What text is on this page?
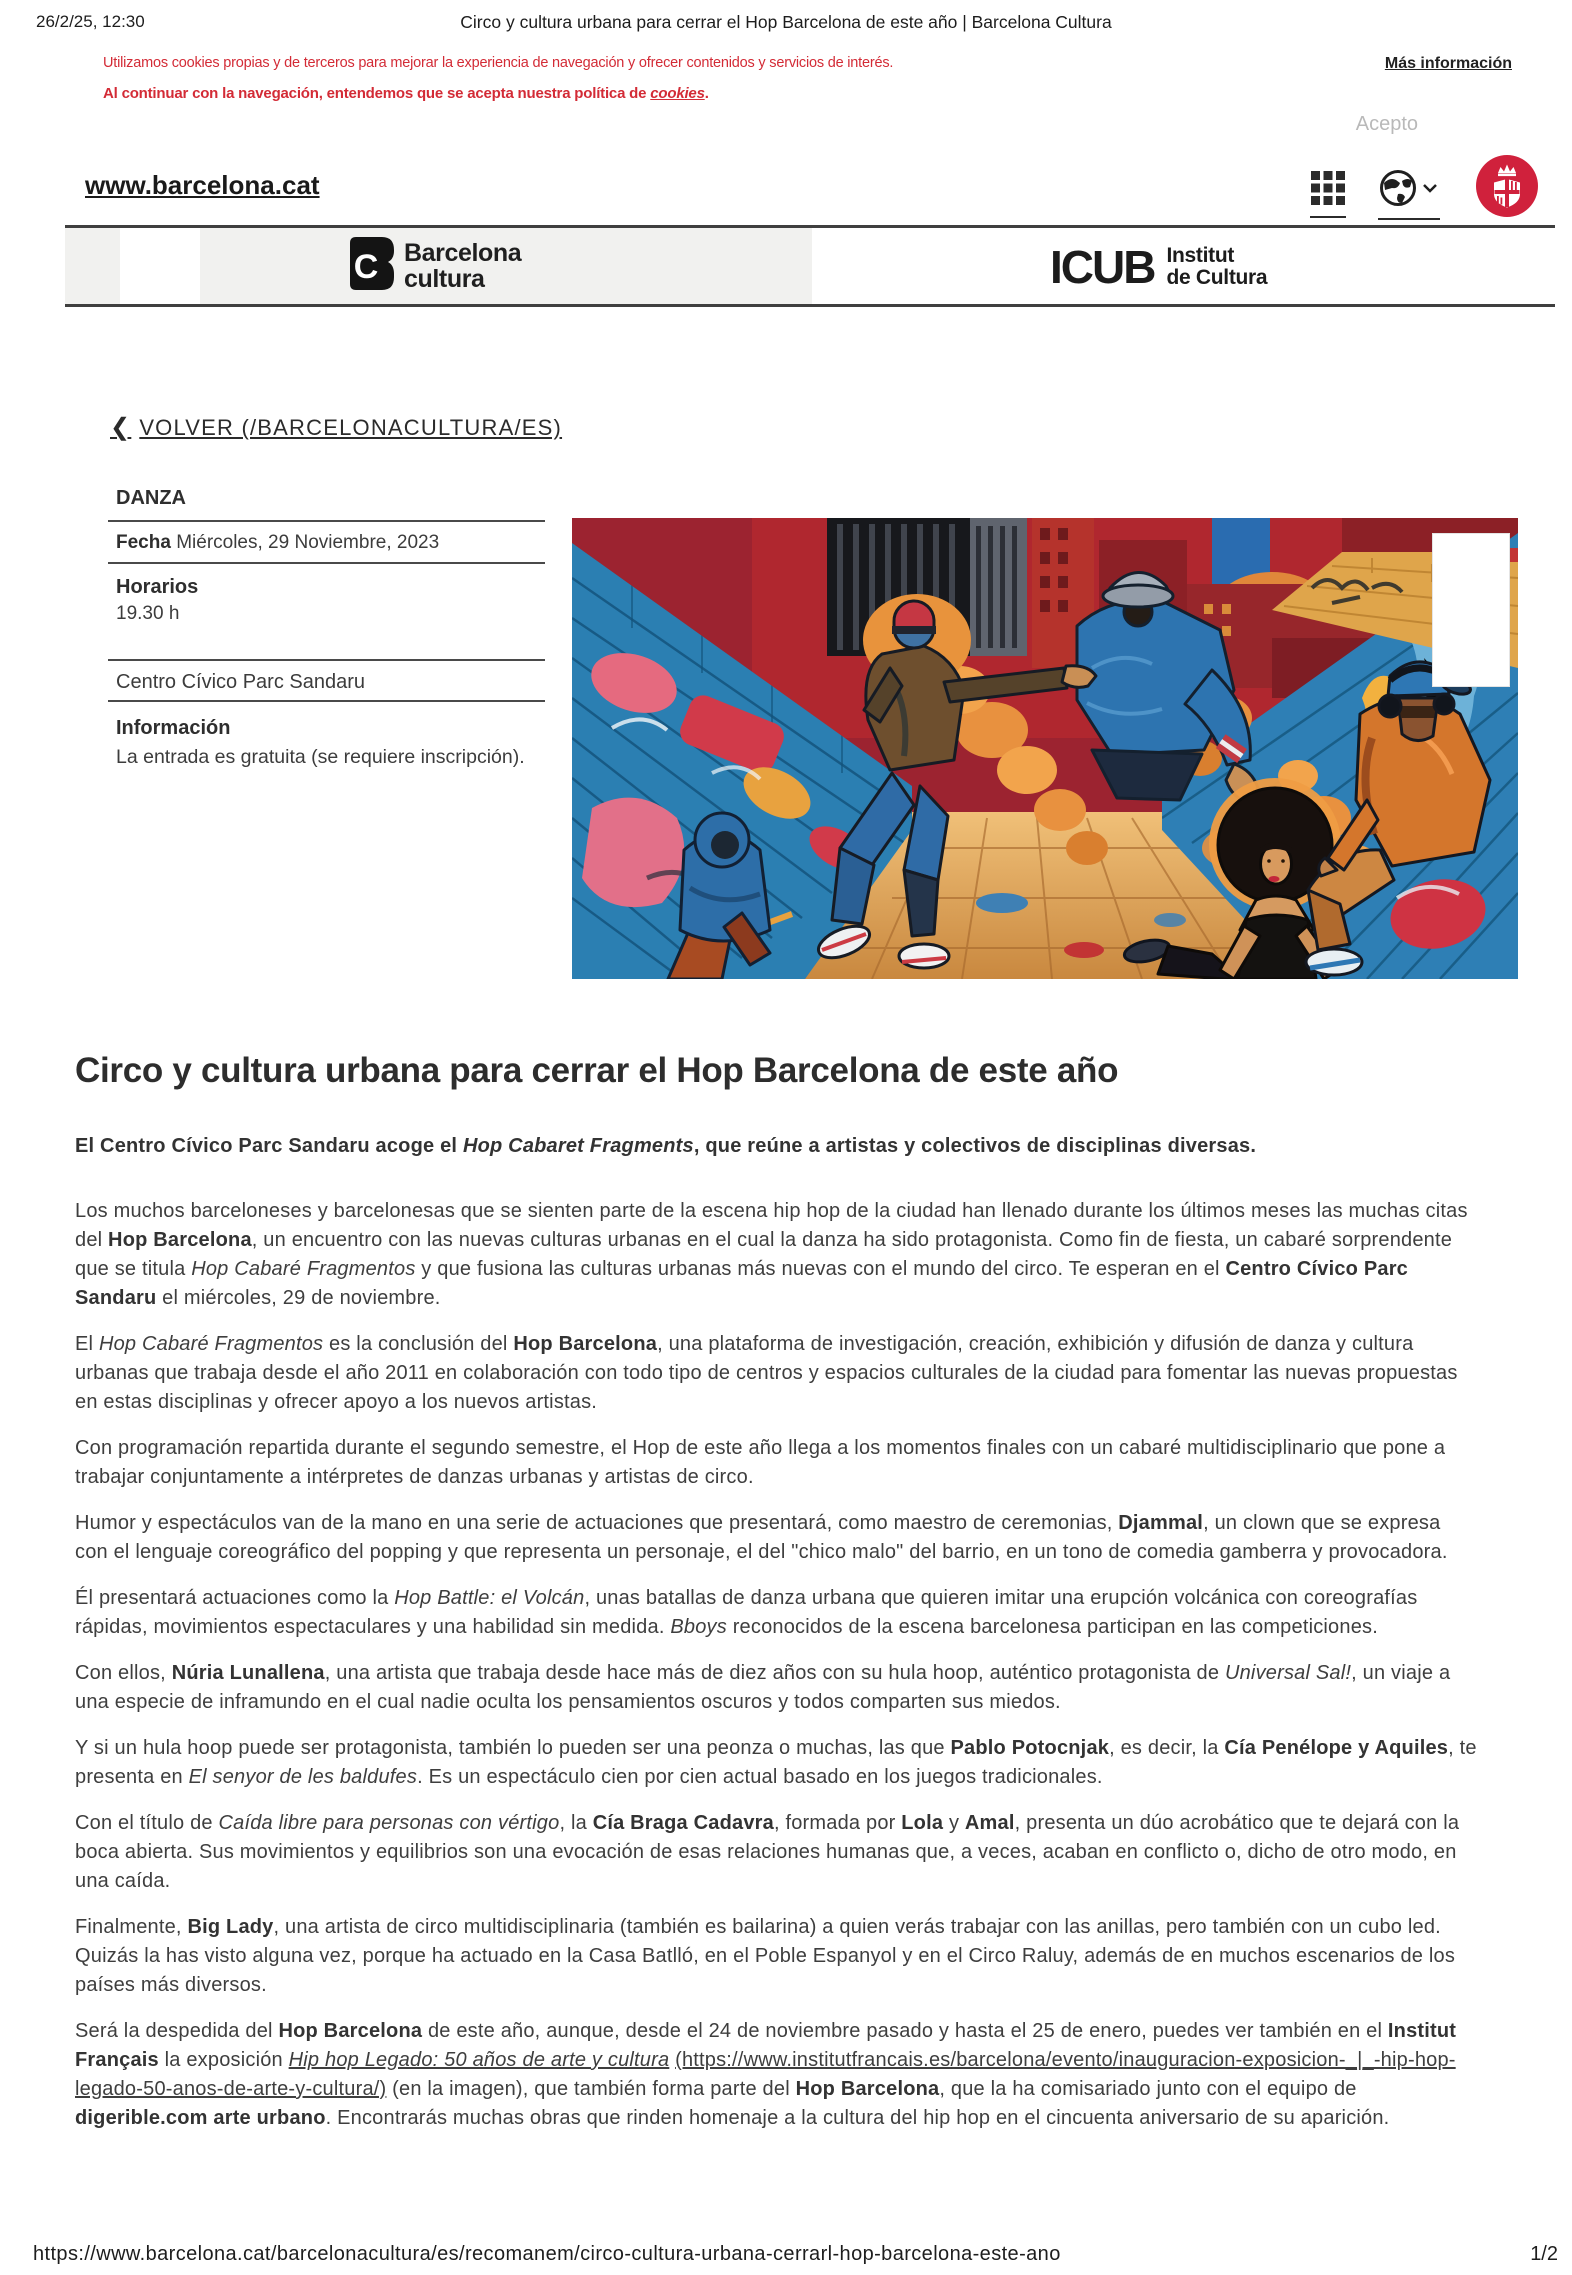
26/2/25, 12:30	Circo y cultura urbana para cerrar el Hop Barcelona de este año | Barcelona Cultura
Utilizamos cookies propias y de terceros para mejorar la experiencia de navegación y ofrecer contenidos y servicios de interés.
Al continuar con la navegación, entendemos que se acepta nuestra política de cookies.
Más información
Acepto
www.barcelona.cat
C Barcelona
cultura	ICUB Institut
de Cultura
❮ VOLVER (/BARCELONACULTURA/ES)
DANZA
Fecha Miércoles, 29 Noviembre, 2023
Horarios
19.30 h
Centro Cívico Parc Sandaru
Información
La entrada es gratuita (se requiere inscripción).
Circo y cultura urbana para cerrar el Hop Barcelona de este año

El Centro Cívico Parc Sandaru acoge el Hop Cabaret Fragments, que reúne a artistas y colectivos de disciplinas diversas.

Los muchos barceloneses y barcelonesas que se sienten parte de la escena hip hop de la ciudad han llenado durante los últimos meses las muchas citas del Hop Barcelona, un encuentro con las nuevas culturas urbanas en el cual la danza ha sido protagonista. Como fin de fiesta, un cabaré sorprendente que se titula Hop Cabaré Fragmentos y que fusiona las culturas urbanas más nuevas con el mundo del circo. Te esperan en el Centro Cívico Parc Sandaru el miércoles, 29 de noviembre.

El Hop Cabaré Fragmentos es la conclusión del Hop Barcelona, una plataforma de investigación, creación, exhibición y difusión de danza y cultura urbanas que trabaja desde el año 2011 en colaboración con todo tipo de centros y espacios culturales de la ciudad para fomentar las nuevas propuestas en estas disciplinas y ofrecer apoyo a los nuevos artistas.

Con programación repartida durante el segundo semestre, el Hop de este año llega a los momentos finales con un cabaré multidisciplinario que pone a trabajar conjuntamente a intérpretes de danzas urbanas y artistas de circo.

Humor y espectáculos van de la mano en una serie de actuaciones que presentará, como maestro de ceremonias, Djammal, un clown que se expresa con el lenguaje coreográfico del popping y que representa un personaje, el del "chico malo" del barrio, en un tono de comedia gamberra y provocadora.

Él presentará actuaciones como la Hop Battle: el Volcán, unas batallas de danza urbana que quieren imitar una erupción volcánica con coreografías rápidas, movimientos espectaculares y una habilidad sin medida. Bboys reconocidos de la escena barcelonesa participan en las competiciones.

Con ellos, Núria Lunallena, una artista que trabaja desde hace más de diez años con su hula hoop, auténtico protagonista de Universal Sal!, un viaje a una especie de inframundo en el cual nadie oculta los pensamientos oscuros y todos comparten sus miedos.

Y si un hula hoop puede ser protagonista, también lo pueden ser una peonza o muchas, las que Pablo Potocnjak, es decir, la Cía Penélope y Aquiles, te presenta en El senyor de les baldufes. Es un espectáculo cien por cien actual basado en los juegos tradicionales.

Con el título de Caída libre para personas con vértigo, la Cía Braga Cadavra, formada por Lola y Amal, presenta un dúo acrobático que te dejará con la boca abierta. Sus movimientos y equilibrios son una evocación de esas relaciones humanas que, a veces, acaban en conflicto o, dicho de otro modo, en una caída.

Finalmente, Big Lady, una artista de circo multidisciplinaria (también es bailarina) a quien verás trabajar con las anillas, pero también con un cubo led. Quizás la has visto alguna vez, porque ha actuado en la Casa Batlló, en el Poble Espanyol y en el Circo Raluy, además de en muchos escenarios de los países más diversos.

Será la despedida del Hop Barcelona de este año, aunque, desde el 24 de noviembre pasado y hasta el 25 de enero, puedes ver también en el Institut Français la exposición Hip hop Legado: 50 años de arte y cultura (https://www.institutfrancais.es/barcelona/evento/inauguracion-exposicion-_|_-hip-hop-legado-50-anos-de-arte-y-cultura/) (en la imagen), que también forma parte del Hop Barcelona, que la ha comisariado junto con el equipo de digerible.com arte urbano. Encontrarás muchas obras que rinden homenaje a la cultura del hip hop en el cincuenta aniversario de su aparición.

https://www.barcelona.cat/barcelonacultura/es/recomanem/circo-cultura-urbana-cerrarl-hop-barcelona-este-ano	1/2
